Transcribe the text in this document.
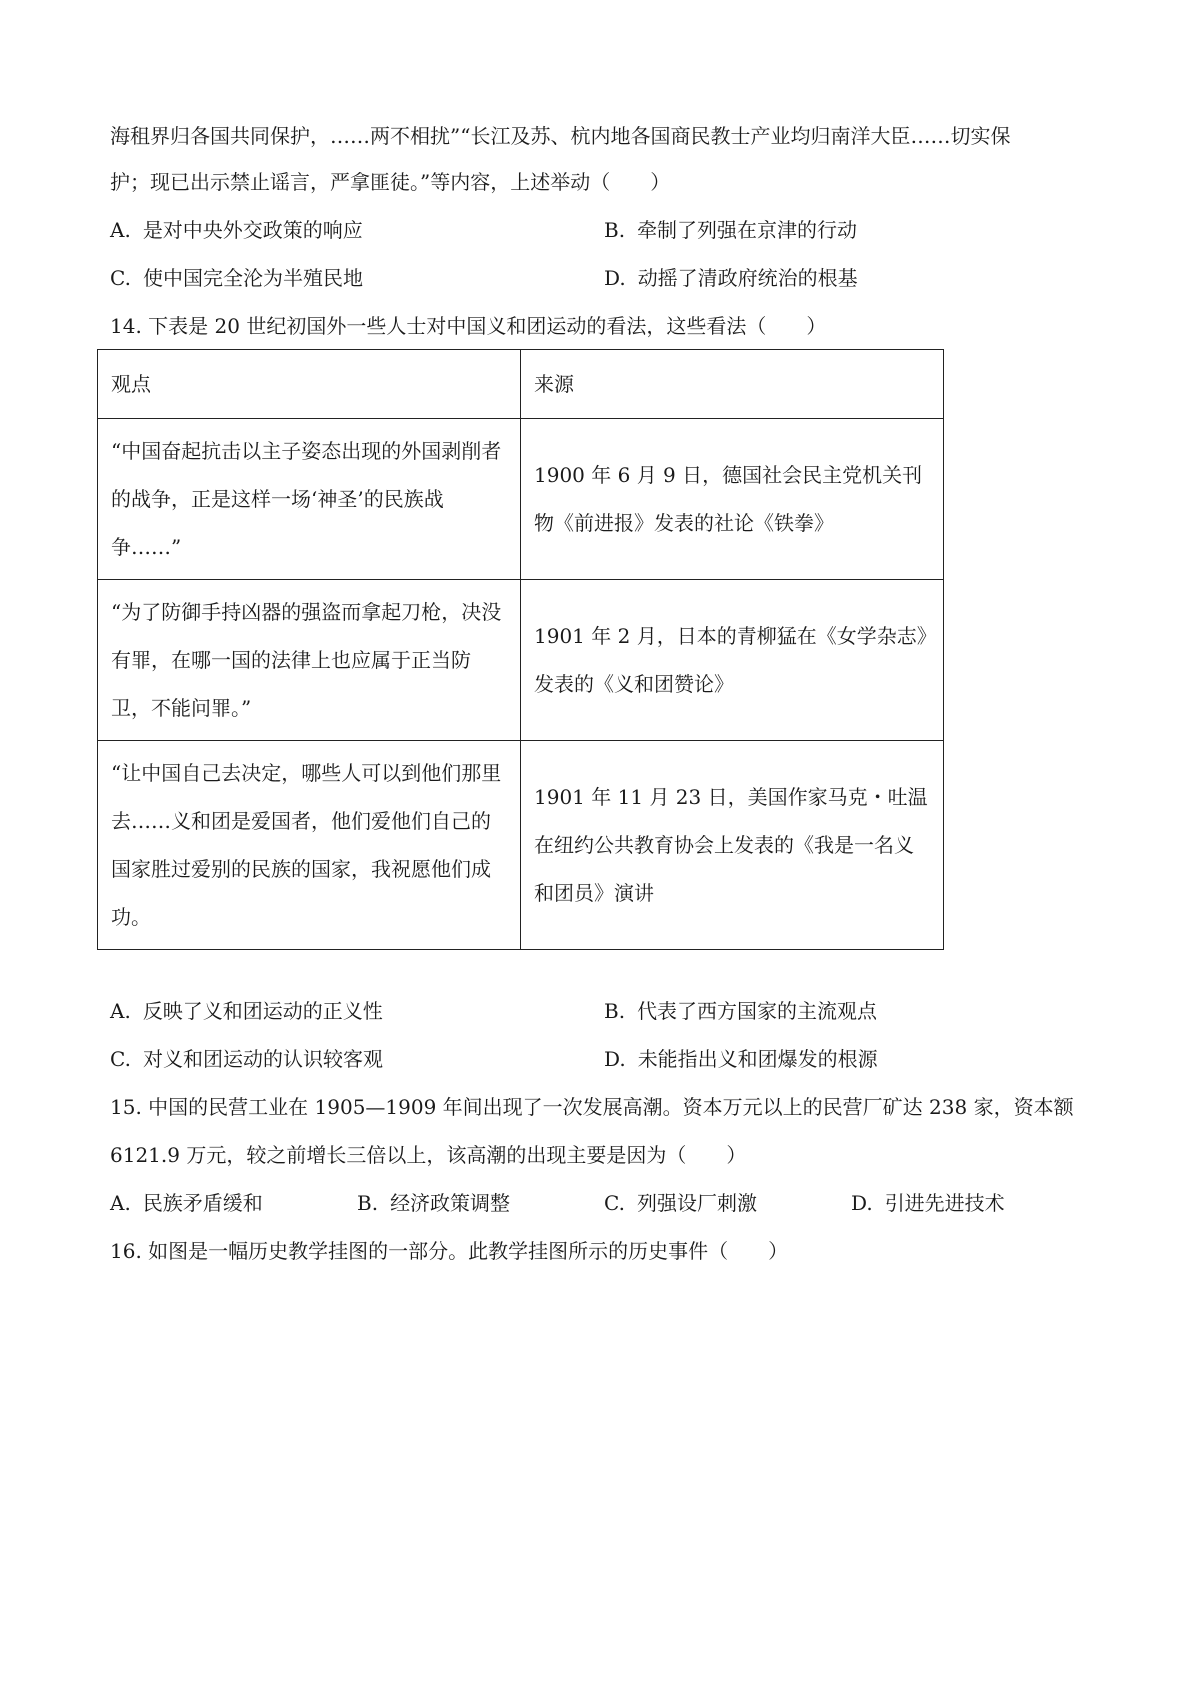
海租界归各国共同保护，……两不相扰”“长江及苏、杭内地各国商民教士产业均归南洋大臣……切实保
护；现已出示禁止谣言，严拿匪徒。”等内容，上述举动（　　）
A. 是对中央外交政策的响应	B. 牵制了列强在京津的行动
C. 使中国完全沦为半殖民地	D. 动摇了清政府统治的根基
14. 下表是 20 世纪初国外一些人士对中国义和团运动的看法，这些看法（　　）
观点	来源
“中国奋起抗击以主子姿态出现的外国剥削者的战争，正是这样一场‘神圣’的民族战争……”	1900 年 6 月 9 日，德国社会民主党机关刊物《前进报》发表的社论《铁拳》
“为了防御手持凶器的强盗而拿起刀枪，决没有罪，在哪一国的法律上也应属于正当防卫，不能问罪。”	1901 年 2 月，日本的青柳猛在《女学杂志》发表的《义和团赞论》
“让中国自己去决定，哪些人可以到他们那里去……义和团是爱国者，他们爱他们自己的国家胜过爱别的民族的国家，我祝愿他们成功。	1901 年 11 月 23 日，美国作家马克・吐温在纽约公共教育协会上发表的《我是一名义和团员》演讲
A. 反映了义和团运动的正义性	B. 代表了西方国家的主流观点
C. 对义和团运动的认识较客观	D. 未能指出义和团爆发的根源
15. 中国的民营工业在 1905—1909 年间出现了一次发展高潮。资本万元以上的民营厂矿达 238 家，资本额
6121.9 万元，较之前增长三倍以上，该高潮的出现主要是因为（　　）
A. 民族矛盾缓和	B. 经济政策调整	C. 列强设厂刺激	D. 引进先进技术
16. 如图是一幅历史教学挂图的一部分。此教学挂图所示的历史事件（　　）
